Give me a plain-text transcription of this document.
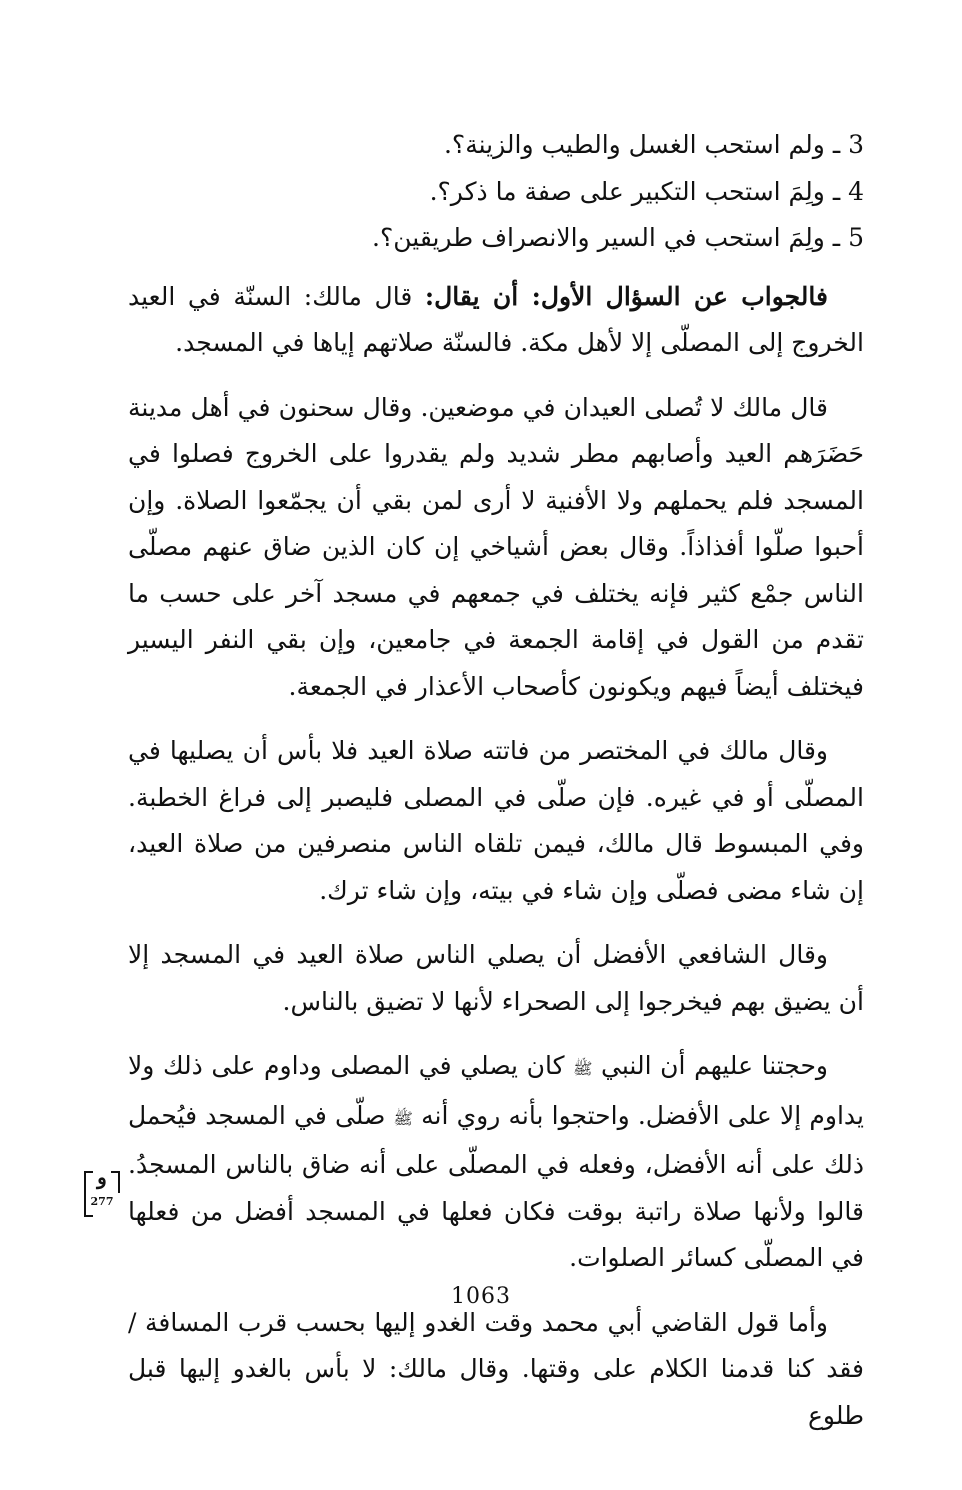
3 ـ ولم استحب الغسل والطيب والزينة؟.

4 ـ ولِمَ استحب التكبير على صفة ما ذكر؟.

5 ـ ولِمَ استحب في السير والانصراف طريقين؟.

فالجواب عن السؤال الأول: أن يقال: قال مالك: السنّة في العيد الخروج إلى المصلّى إلا لأهل مكة. فالسنّة صلاتهم إياها في المسجد.

قال مالك لا تُصلى العيدان في موضعين. وقال سحنون في أهل مدينة حَضَرَهم العيد وأصابهم مطر شديد ولم يقدروا على الخروج فصلوا في المسجد فلم يحملهم ولا الأفنية لا أرى لمن بقي أن يجمّعوا الصلاة. وإن أحبوا صلّوا أفذاذاً. وقال بعض أشياخي إن كان الذين ضاق عنهم مصلّى الناس جمْع كثير فإنه يختلف في جمعهم في مسجد آخر على حسب ما تقدم من القول في إقامة الجمعة في جامعين، وإن بقي النفر اليسير فيختلف أيضاً فيهم ويكونون كأصحاب الأعذار في الجمعة.

وقال مالك في المختصر من فاتته صلاة العيد فلا بأس أن يصليها في المصلّى أو في غيره. فإن صلّى في المصلى فليصبر إلى فراغ الخطبة. وفي المبسوط قال مالك، فيمن تلقاه الناس منصرفين من صلاة العيد، إن شاء مضى فصلّى وإن شاء في بيته، وإن شاء ترك.

وقال الشافعي الأفضل أن يصلي الناس صلاة العيد في المسجد إلا أن يضيق بهم فيخرجوا إلى الصحراء لأنها لا تضيق بالناس.

وحجتنا عليهم أن النبي ﷺ كان يصلي في المصلى وداوم على ذلك ولا يداوم إلا على الأفضل. واحتجوا بأنه روي أنه ﷺ صلّى في المسجد فيُحمل ذلك على أنه الأفضل، وفعله في المصلّى على أنه ضاق بالناس المسجدُ. قالوا ولأنها صلاة راتبة بوقت فكان فعلها في المسجد أفضل من فعلها في المصلّى كسائر الصلوات.

وأما قول القاضي أبي محمد وقت الغدو إليها بحسب قرب المسافة / فقد كنا قدمنا الكلام على وقتها. وقال مالك: لا بأس بالغدو إليها قبل طلوع

و
277
1063
